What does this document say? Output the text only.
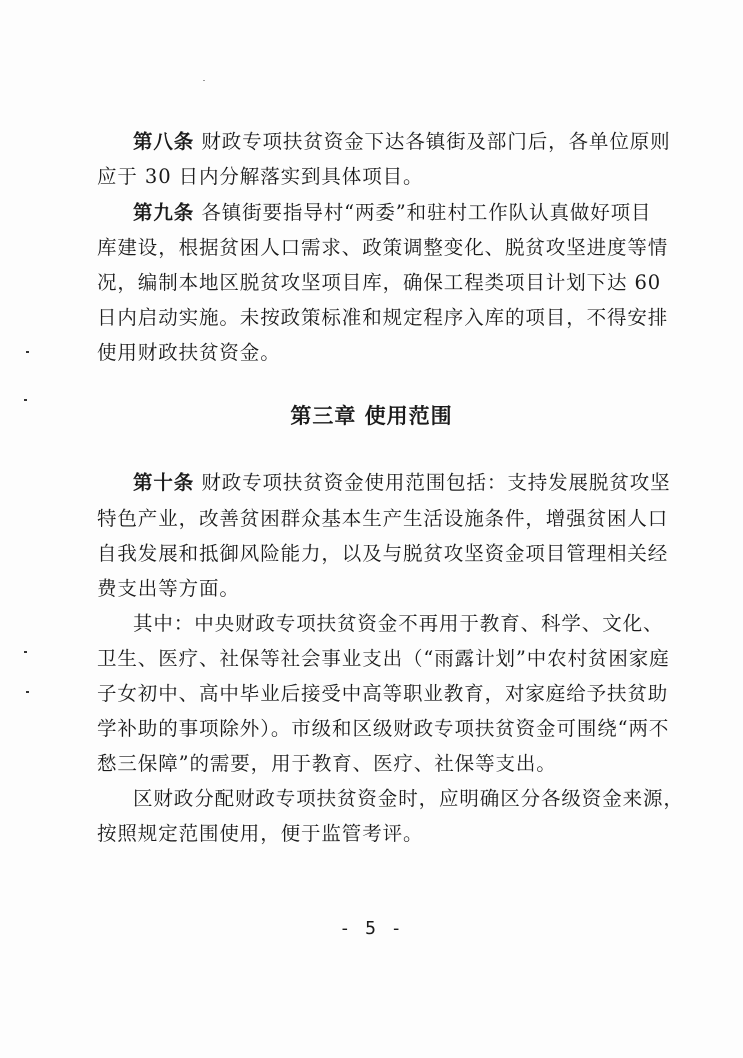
第八条 财政专项扶贫资金下达各镇街及部门后，各单位原则
应于 30 日内分解落实到具体项目。
第九条 各镇街要指导村“两委”和驻村工作队认真做好项目
库建设，根据贫困人口需求、政策调整变化、脱贫攻坚进度等情
况，编制本地区脱贫攻坚项目库，确保工程类项目计划下达 60
日内启动实施。未按政策标准和规定程序入库的项目，不得安排
使用财政扶贫资金。
第三章 使用范围
第十条 财政专项扶贫资金使用范围包括：支持发展脱贫攻坚
特色产业，改善贫困群众基本生产生活设施条件，增强贫困人口
自我发展和抵御风险能力，以及与脱贫攻坚资金项目管理相关经
费支出等方面。
其中：中央财政专项扶贫资金不再用于教育、科学、文化、
卫生、医疗、社保等社会事业支出（“雨露计划”中农村贫困家庭
子女初中、高中毕业后接受中高等职业教育，对家庭给予扶贫助
学补助的事项除外）。市级和区级财政专项扶贫资金可围绕“两不
愁三保障”的需要，用于教育、医疗、社保等支出。
区财政分配财政专项扶贫资金时，应明确区分各级资金来源，
按照规定范围使用，便于监管考评。
- 5 -
